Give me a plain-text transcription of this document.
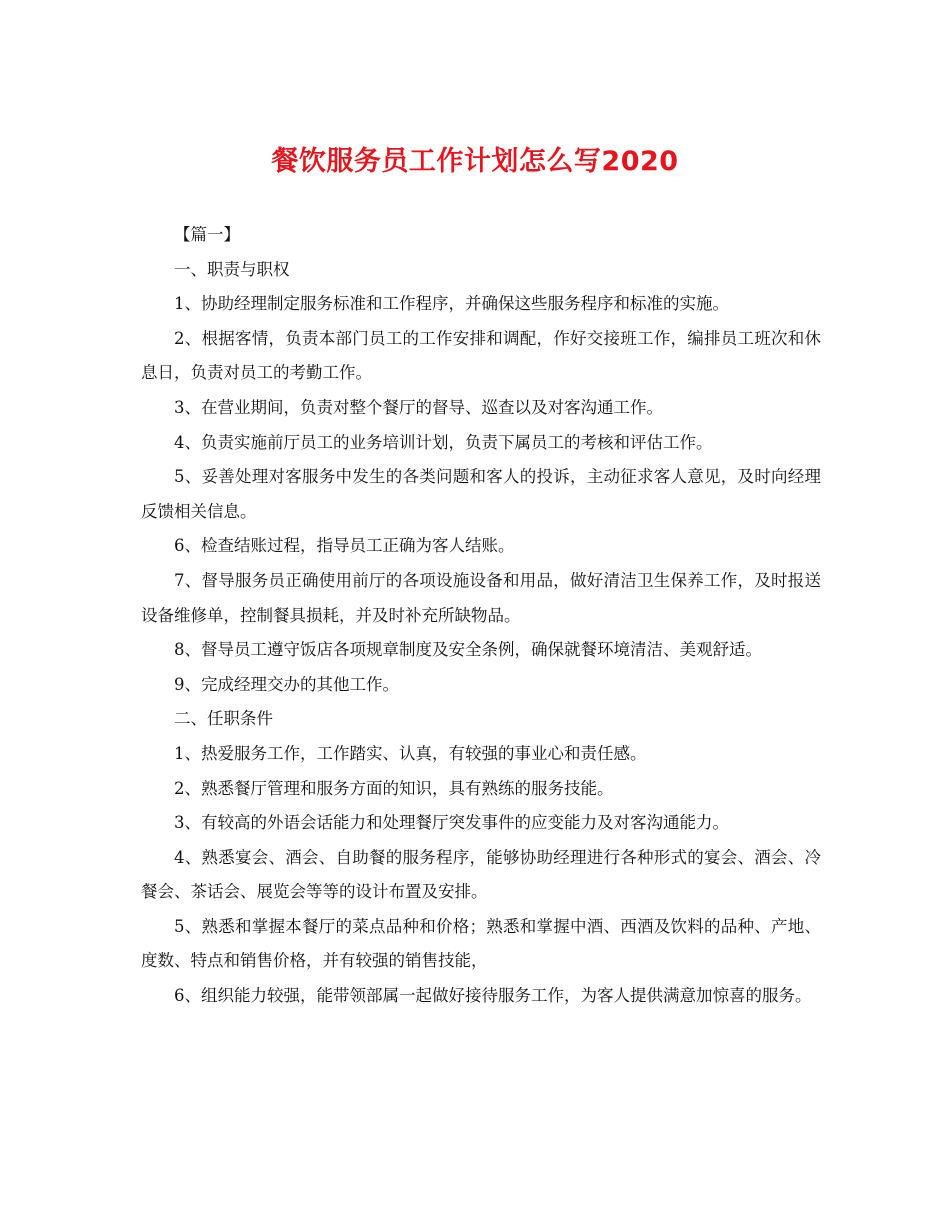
餐饮服务员工作计划怎么写2020

【篇一】

一、职责与职权

1、协助经理制定服务标准和工作程序，并确保这些服务程序和标准的实施。

2、根据客情，负责本部门员工的工作安排和调配，作好交接班工作，编排员工班次和休息日，负责对员工的考勤工作。

3、在营业期间，负责对整个餐厅的督导、巡查以及对客沟通工作。

4、负责实施前厅员工的业务培训计划，负责下属员工的考核和评估工作。

5、妥善处理对客服务中发生的各类问题和客人的投诉，主动征求客人意见，及时向经理反馈相关信息。

6、检查结账过程，指导员工正确为客人结账。

7、督导服务员正确使用前厅的各项设施设备和用品，做好清洁卫生保养工作，及时报送设备维修单，控制餐具损耗，并及时补充所缺物品。

8、督导员工遵守饭店各项规章制度及安全条例，确保就餐环境清洁、美观舒适。

9、完成经理交办的其他工作。

二、任职条件

1、热爱服务工作，工作踏实、认真，有较强的事业心和责任感。

2、熟悉餐厅管理和服务方面的知识，具有熟练的服务技能。

3、有较高的外语会话能力和处理餐厅突发事件的应变能力及对客沟通能力。

4、熟悉宴会、酒会、自助餐的服务程序，能够协助经理进行各种形式的宴会、酒会、冷餐会、茶话会、展览会等等的设计布置及安排。

5、熟悉和掌握本餐厅的菜点品种和价格；熟悉和掌握中酒、西酒及饮料的品种、产地、度数、特点和销售价格，并有较强的销售技能，

6、组织能力较强，能带领部属一起做好接待服务工作，为客人提供满意加惊喜的服务。
